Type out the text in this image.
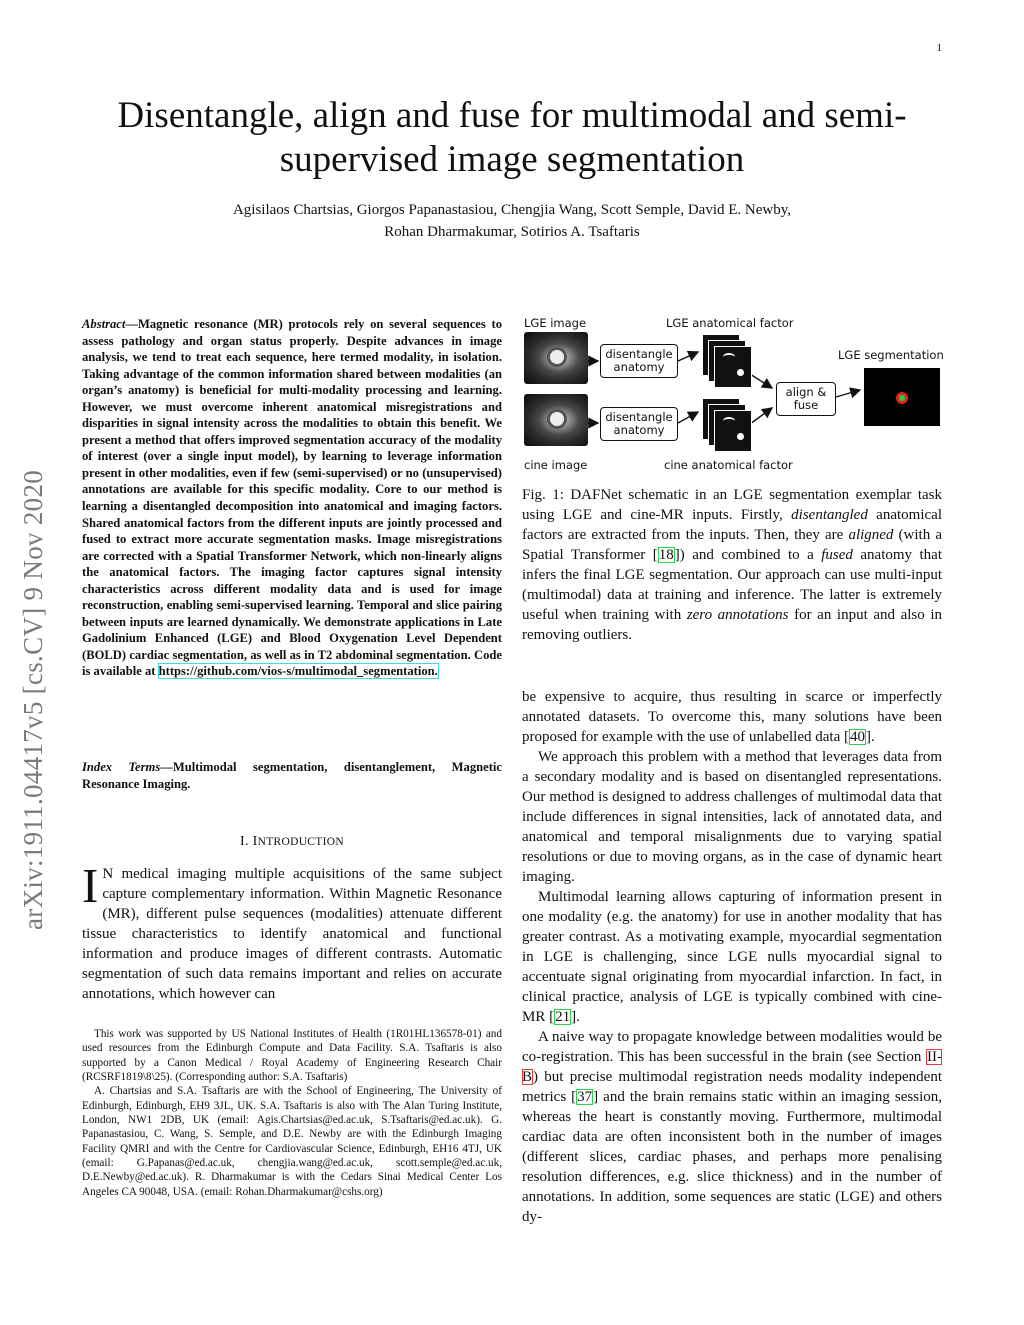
1
arXiv:1911.04417v5 [cs.CV] 9 Nov 2020
Disentangle, align and fuse for multimodal and semi-supervised image segmentation
Agisilaos Chartsias, Giorgos Papanastasiou, Chengjia Wang, Scott Semple, David E. Newby,
Rohan Dharmakumar, Sotirios A. Tsaftaris

Abstract—Magnetic resonance (MR) protocols rely on several sequences to assess pathology and organ status properly. Despite advances in image analysis, we tend to treat each sequence, here termed modality, in isolation. Taking advantage of the common information shared between modalities (an organ’s anatomy) is beneficial for multi-modality processing and learning. However, we must overcome inherent anatomical misregistrations and disparities in signal intensity across the modalities to obtain this benefit. We present a method that offers improved segmentation accuracy of the modality of interest (over a single input model), by learning to leverage information present in other modalities, even if few (semi-supervised) or no (unsupervised) annotations are available for this specific modality. Core to our method is learning a disentangled decomposition into anatomical and imaging factors. Shared anatomical factors from the different inputs are jointly processed and fused to extract more accurate segmentation masks. Image misregistrations are corrected with a Spatial Transformer Network, which non-linearly aligns the anatomical factors. The imaging factor captures signal intensity characteristics across different modality data and is used for image reconstruction, enabling semi-supervised learning. Temporal and slice pairing between inputs are learned dynamically. We demonstrate applications in Late Gadolinium Enhanced (LGE) and Blood Oxygenation Level Dependent (BOLD) cardiac segmentation, as well as in T2 abdominal segmentation. Code is available at https://github.com/vios-s/multimodal_segmentation.

Index Terms—Multimodal segmentation, disentanglement, Magnetic Resonance Imaging.

I. INTRODUCTION

I N medical imaging multiple acquisitions of the same subject capture complementary information. Within Magnetic Resonance (MR), different pulse sequences (modalities) attenuate different tissue characteristics to identify anatomical and functional information and produce images of different contrasts. Automatic segmentation of such data remains important and relies on accurate annotations, which however can

This work was supported by US National Institutes of Health (1R01HL136578-01) and used resources from the Edinburgh Compute and Data Facility. S.A. Tsaftaris is also supported by a Canon Medical / Royal Academy of Engineering Research Chair (RCSRF1819\8\25). (Corresponding author: S.A. Tsaftaris)

A. Chartsias and S.A. Tsaftaris are with the School of Engineering, The University of Edinburgh, Edinburgh, EH9 3JL, UK. S.A. Tsaftaris is also with The Alan Turing Institute, London, NW1 2DB, UK (email: Agis.Chartsias@ed.ac.uk, S.Tsaftaris@ed.ac.uk). G. Papanastasiou, C. Wang, S. Semple, and D.E. Newby are with the Edinburgh Imaging Facility QMRI and with the Centre for Cardiovascular Science, Edinburgh, EH16 4TJ, UK (email: G.Papanas@ed.ac.uk, chengjia.wang@ed.ac.uk, scott.semple@ed.ac.uk, D.E.Newby@ed.ac.uk). R. Dharmakumar is with the Cedars Sinai Medical Center Los Angeles CA 90048, USA. (email: Rohan.Dharmakumar@cshs.org)

LGE image	LGE anatomical factor
LGE segmentation
disentangle
anatomy
disentangle
anatomy
align &
fuse
cine image	cine anatomical factor

Fig. 1: DAFNet schematic in an LGE segmentation exemplar task using LGE and cine-MR inputs. Firstly, disentangled anatomical factors are extracted from the inputs. Then, they are aligned (with a Spatial Transformer [18]) and combined to a fused anatomy that infers the final LGE segmentation. Our approach can use multi-input (multimodal) data at training and inference. The latter is extremely useful when training with zero annotations for an input and also in removing outliers.

be expensive to acquire, thus resulting in scarce or imperfectly annotated datasets. To overcome this, many solutions have been proposed for example with the use of unlabelled data [40].

We approach this problem with a method that leverages data from a secondary modality and is based on disentangled representations. Our method is designed to address challenges of multimodal data that include differences in signal intensities, lack of annotated data, and anatomical and temporal misalignments due to varying spatial resolutions or due to moving organs, as in the case of dynamic heart imaging.

Multimodal learning allows capturing of information present in one modality (e.g. the anatomy) for use in another modality that has greater contrast. As a motivating example, myocardial segmentation in LGE is challenging, since LGE nulls myocardial signal to accentuate signal originating from myocardial infarction. In fact, in clinical practice, analysis of LGE is typically combined with cine-MR [21].

A naive way to propagate knowledge between modalities would be co-registration. This has been successful in the brain (see Section II-B) but precise multimodal registration needs modality independent metrics [37] and the brain remains static within an imaging session, whereas the heart is constantly moving. Furthermore, multimodal cardiac data are often inconsistent both in the number of images (different slices, cardiac phases, and perhaps more penalising resolution differences, e.g. slice thickness) and in the number of annotations. In addition, some sequences are static (LGE) and others dy-
